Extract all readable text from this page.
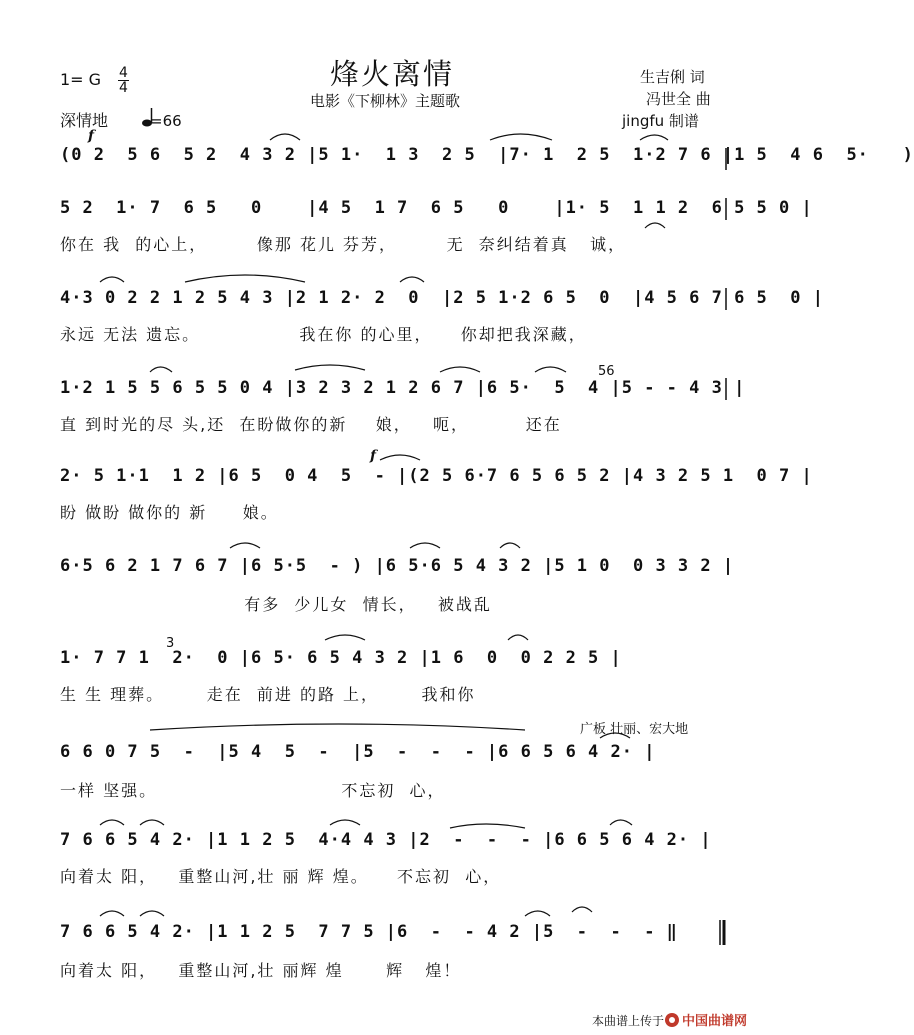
烽火离情
电影《下柳林》主题歌
生吉俐 词
冯世全 曲
jingfu 制谱
1= G 4
4
深情地	=66
f
(0 2  5 6  5 2  4 3 2 |5 1·  1 3  2 5  |7· 1  2 5  1·2 7 6 |1 5  4 6  5·   )
5 2  1· 7  6 5   0    |4 5  1 7  6 5   0    |1· 5  1 1 2  6 5 5 0 |
你在 我  的心上，       像那 花儿 芬芳，       无  奈纠结着真   诚，
4·3 0 2 2 1 2 5 4 3 |2 1 2· 2  0  |2 5 1·2 6 5  0  |4 5 6 7 6 5  0 |
永远 无法 遗忘。              我在你 的心里，    你却把我深藏，
56
1·2 1 5 5 6 5 5 0 4 |3 2 3 2 1 2 6 7 |6 5·  5  4 |5 - - 4 3 |
直 到时光的尽 头,还  在盼做你的新    娘，   呃，        还在
f
2· 5 1·1  1 2 |6 5  0 4  5  - |(2 5 6·7 6 5 6 5 2 |4 3 2 5 1  0 7 |
盼 做盼 做你的 新     娘。
6·5 6 2 1 7 6 7 |6 5·5  - ) |6 5·6 5 4 3 2 |5 1 0  0 3 3 2 |
有多  少儿女  情长，   被战乱
3
1· 7 7 1  2·  0 |6 5· 6 5 4 3 2 |1 6  0  0 2 2 5 |
生 生 理葬。      走在  前进 的路 上，      我和你
广板 壮丽、宏大地
6 6 0 7 5  -  |5 4  5  -  |5  -  -  - |6 6 5 6 4 2· |
一样 坚强。                          不忘初  心，
7 6 6 5 4 2· |1 1 2 5  4·4 4 3 |2  -  -  - |6 6 5 6 4 2· |
向着太 阳，   重整山河,壮 丽 辉 煌。    不忘初  心，
7 6 6 5 4 2· |1 1 2 5  7 7 5 |6  -  - 4 2 |5  -  -  - ‖
向着太 阳，   重整山河,壮 丽辉 煌      辉   煌！
本曲谱上传于 中国曲谱网
